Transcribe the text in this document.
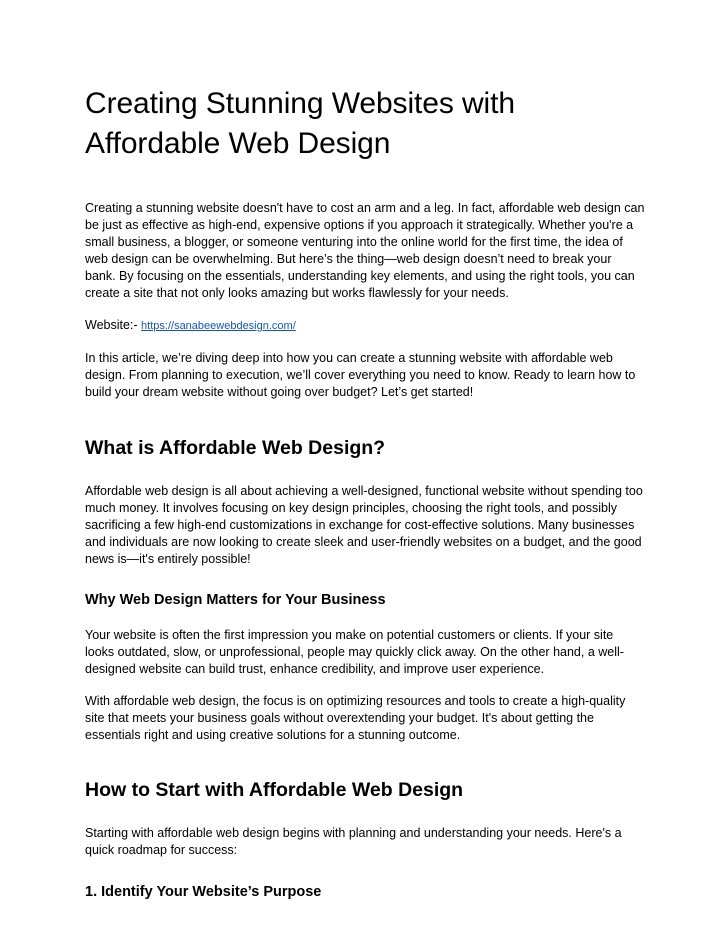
Creating Stunning Websites with Affordable Web Design

Creating a stunning website doesn't have to cost an arm and a leg. In fact, affordable web design can be just as effective as high-end, expensive options if you approach it strategically. Whether you're a small business, a blogger, or someone venturing into the online world for the first time, the idea of web design can be overwhelming. But here’s the thing—web design doesn’t need to break your bank. By focusing on the essentials, understanding key elements, and using the right tools, you can create a site that not only looks amazing but works flawlessly for your needs.

Website:- https://sanabeewebdesign.com/

In this article, we’re diving deep into how you can create a stunning website with affordable web design. From planning to execution, we’ll cover everything you need to know. Ready to learn how to build your dream website without going over budget? Let’s get started!

What is Affordable Web Design?

Affordable web design is all about achieving a well-designed, functional website without spending too much money. It involves focusing on key design principles, choosing the right tools, and possibly sacrificing a few high-end customizations in exchange for cost-effective solutions. Many businesses and individuals are now looking to create sleek and user-friendly websites on a budget, and the good news is—it's entirely possible!

Why Web Design Matters for Your Business

Your website is often the first impression you make on potential customers or clients. If your site looks outdated, slow, or unprofessional, people may quickly click away. On the other hand, a well-designed website can build trust, enhance credibility, and improve user experience.

With affordable web design, the focus is on optimizing resources and tools to create a high-quality site that meets your business goals without overextending your budget. It's about getting the essentials right and using creative solutions for a stunning outcome.

How to Start with Affordable Web Design

Starting with affordable web design begins with planning and understanding your needs. Here's a quick roadmap for success:

1. Identify Your Website’s Purpose
